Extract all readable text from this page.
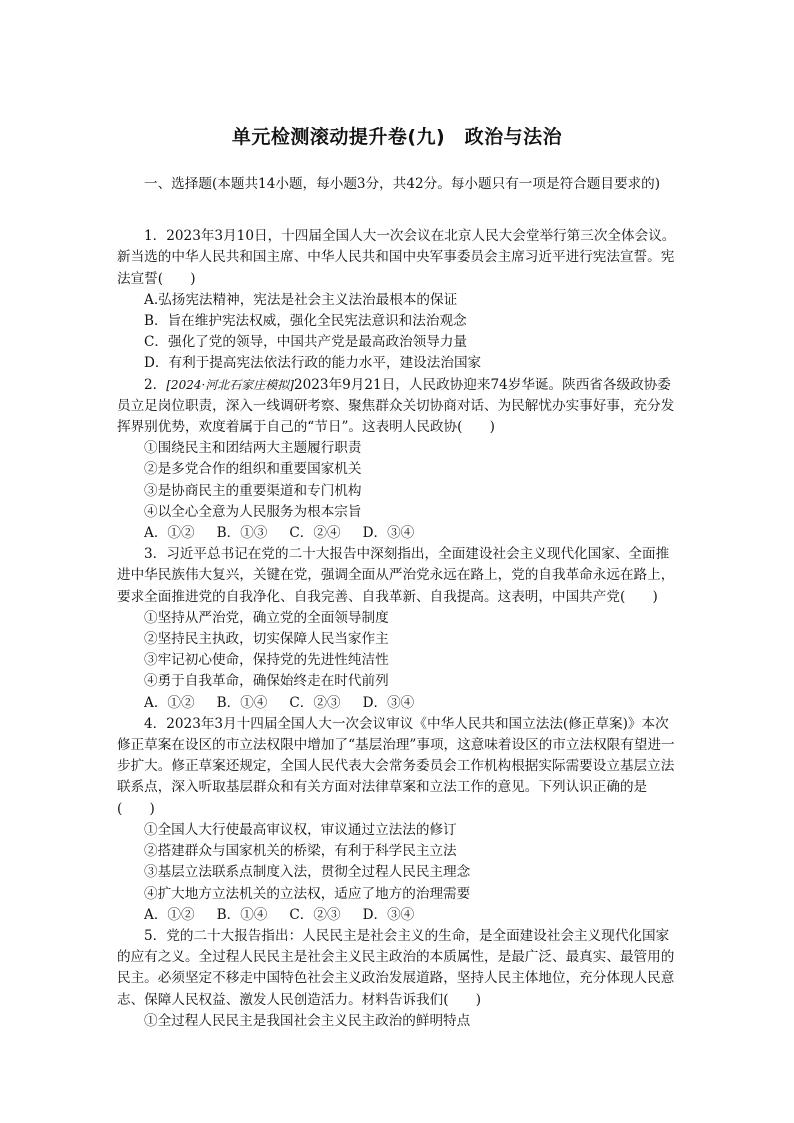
单元检测滚动提升卷(九)　政治与法治

一、选择题(本题共14小题，每小题3分，共42分。每小题只有一项是符合题目要求的)

1．2023年3月10日，十四届全国人大一次会议在北京人民大会堂举行第三次全体会议。新当选的中华人民共和国主席、中华人民共和国中央军事委员会主席习近平进行宪法宣誓。宪法宣誓(　　)

A.弘扬宪法精神，宪法是社会主义法治最根本的保证

B．旨在维护宪法权威，强化全民宪法意识和法治观念

C．强化了党的领导，中国共产党是最高政治领导力量

D．有利于提高宪法依法行政的能力水平，建设法治国家

2．[2024·河北石家庄模拟]2023年9月21日，人民政协迎来74岁华诞。陕西省各级政协委员立足岗位职责，深入一线调研考察、聚焦群众关切协商对话、为民解忧办实事好事，充分发挥界别优势，欢度着属于自己的“节日”。这表明人民政协(　　)

①围绕民主和团结两大主题履行职责

②是多党合作的组织和重要国家机关

③是协商民主的重要渠道和专门机构

④以全心全意为人民服务为根本宗旨

A．①② B．①③ C．②④ D．③④

3．习近平总书记在党的二十大报告中深刻指出，全面建设社会主义现代化国家、全面推进中华民族伟大复兴，关键在党，强调全面从严治党永远在路上，党的自我革命永远在路上，要求全面推进党的自我净化、自我完善、自我革新、自我提高。这表明，中国共产党(　　)

①坚持从严治党，确立党的全面领导制度

②坚持民主执政，切实保障人民当家作主

③牢记初心使命，保持党的先进性纯洁性

④勇于自我革命，确保始终走在时代前列

A．①② B．①④ C．②③ D．③④

4．2023年3月十四届全国人大一次会议审议《中华人民共和国立法法(修正草案)》本次修正草案在设区的市立法权限中增加了“基层治理”事项，这意味着设区的市立法权限有望进一步扩大。修正草案还规定，全国人民代表大会常务委员会工作机构根据实际需要设立基层立法联系点，深入听取基层群众和有关方面对法律草案和立法工作的意见。下列认识正确的是(　　)

①全国人大行使最高审议权，审议通过立法法的修订

②搭建群众与国家机关的桥梁，有利于科学民主立法

③基层立法联系点制度入法，贯彻全过程人民民主理念

④扩大地方立法机关的立法权，适应了地方的治理需要

A．①② B．①④ C．②③ D．③④

5．党的二十大报告指出：人民民主是社会主义的生命，是全面建设社会主义现代化国家的应有之义。全过程人民民主是社会主义民主政治的本质属性，是最广泛、最真实、最管用的民主。必须坚定不移走中国特色社会主义政治发展道路，坚持人民主体地位，充分体现人民意志、保障人民权益、激发人民创造活力。材料告诉我们(　　)

①全过程人民民主是我国社会主义民主政治的鲜明特点
